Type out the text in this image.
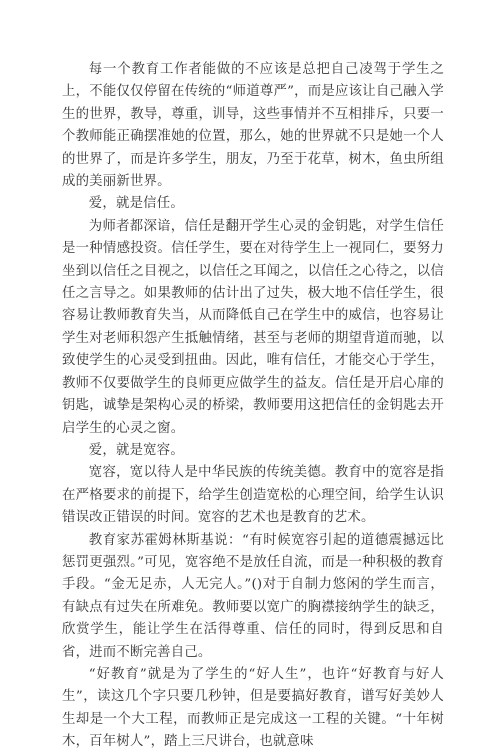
每一个教育工作者能做的不应该是总把自己凌驾于学生之上，不能仅仅停留在传统的“师道尊严”，而是应该让自己融入学生的世界，教导，尊重，训导，这些事情并不互相排斥，只要一个教师能正确摆准她的位置，那么，她的世界就不只是她一个人的世界了，而是许多学生，朋友，乃至于花草，树木，鱼虫所组成的美丽新世界。

爱，就是信任。

为师者都深谙，信任是翻开学生心灵的金钥匙，对学生信任是一种情感投资。信任学生，要在对待学生上一视同仁，要努力坐到以信任之目视之，以信任之耳闻之，以信任之心待之，以信任之言导之。如果教师的估计出了过失，极大地不信任学生，很容易让教师教育失当，从而降低自己在学生中的威信，也容易让学生对老师积怨产生抵触情绪，甚至与老师的期望背道而驰，以致使学生的心灵受到扭曲。因此，唯有信任，才能交心于学生，教师不仅要做学生的良师更应做学生的益友。信任是开启心扉的钥匙，诚挚是架构心灵的桥梁，教师要用这把信任的金钥匙去开启学生的心灵之窗。

爱，就是宽容。

宽容，宽以待人是中华民族的传统美德。教育中的宽容是指在严格要求的前提下，给学生创造宽松的心理空间，给学生认识错误改正错误的时间。宽容的艺术也是教育的艺术。

教育家苏霍姆林斯基说：“有时候宽容引起的道德震撼远比惩罚更强烈。”可见，宽容绝不是放任自流，而是一种积极的教育手段。“金无足赤，人无完人。”()对于自制力悠闲的学生而言，有缺点有过失在所难免。教师要以宽广的胸襟接纳学生的缺乏，欣赏学生，能让学生在活得尊重、信任的同时，得到反思和自省，进而不断完善自己。

“好教育”就是为了学生的“好人生”，也许“好教育与好人生”，读这几个字只要几秒钟，但是要搞好教育，谱写好美妙人生却是一个大工程，而教师正是完成这一工程的关键。“十年树木，百年树人”，踏上三尺讲台，也就意味
